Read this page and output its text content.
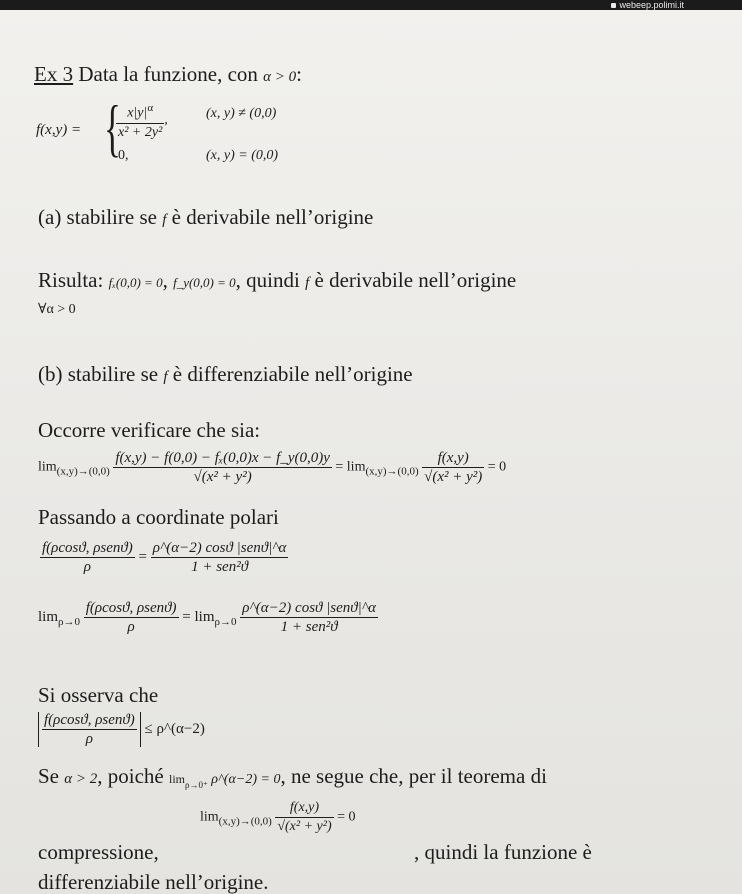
webeep.polimi.it
Ex 3 Data la funzione, con α > 0:
f(x,y) = {
$\frac{x|y|^\alpha}{\text{x² + 2y²}}$ ,	(x, y) ≠ (0,0)
0,	(x, y) = (0,0)
(a) stabilire se f è derivabile nell’origine
Risulta: fₓ(0,0) = 0, f_y(0,0) = 0, quindi f è derivabile nell’origine
∀α > 0
(b) stabilire se f è differenziabile nell’origine
Occorre verificare che sia:
$\lim_{(x,y)\to(0,0)} \frac{\text{f(x,y) − f(0,0) − fₓ(0,0)x − f\_y(0,0)y}}{\text{√(x² + y²)}} = \lim_{(x,y)\to(0,0)} \frac{f(x,y)}{\text{√(x² + y²)}} = 0$
Passando a coordinate polari
$\frac{\text{f(ρcosϑ, ρsenϑ)}}{\rho} = \frac{\text{ρ\textasciicircum{}(α−2) cosϑ |senϑ|\textasciicircum{}α}}{\text{1 + sen²ϑ}}$
$\lim_{\rho\to 0} \frac{\text{f(ρcosϑ, ρsenϑ)}}{\rho} = \lim_{\rho\to 0} \frac{\text{ρ\textasciicircum{}(α−2) cosϑ |senϑ|\textasciicircum{}α}}{\text{1 + sen²ϑ}}$
Si osserva che
$\frac{\text{f(ρcosϑ, ρsenϑ)}}{\rho}$ ≤ ρ^(α−2)
Se α > 2, poiché $\lim_{\rho\to 0^+}$ ρ^(α−2) = 0, ne segue che, per il teorema di
$\lim_{(x,y)\to(0,0)} \frac{f(x,y)}{\text{√(x² + y²)}} = 0$
compressione,	, quindi la funzione è
differenziabile nell’origine.
